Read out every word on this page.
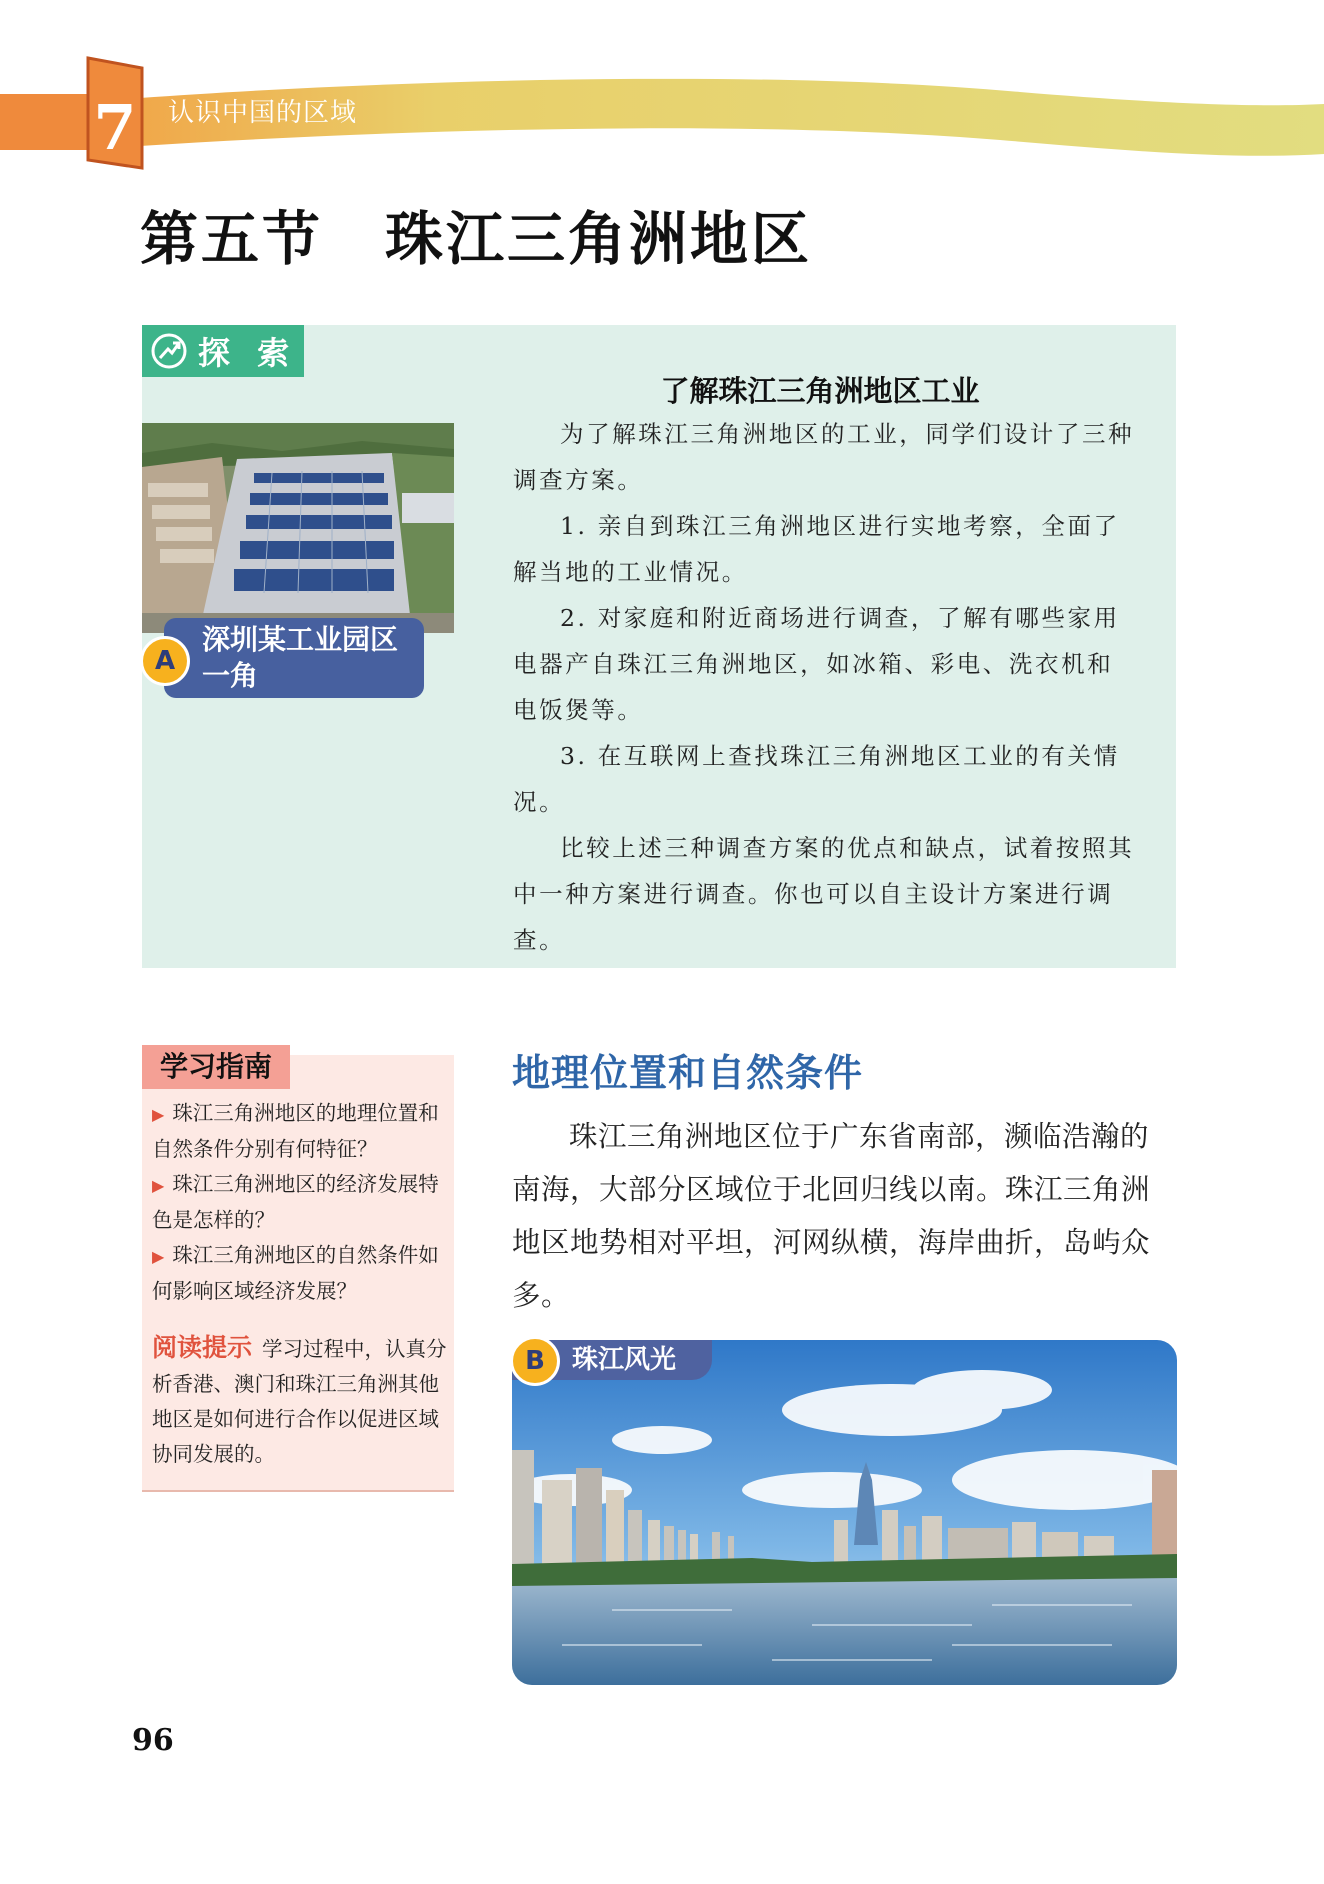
7 认识中国的区域
第五节 珠江三角洲地区
探 索
深圳某工业园区
一角
A
了解珠江三角洲地区工业

为了解珠江三角洲地区的工业，同学们设计了三种调查方案。

1. 亲自到珠江三角洲地区进行实地考察，全面了解当地的工业情况。

2. 对家庭和附近商场进行调查，了解有哪些家用电器产自珠江三角洲地区，如冰箱、彩电、洗衣机和电饭煲等。

3. 在互联网上查找珠江三角洲地区工业的有关情况。

比较上述三种调查方案的优点和缺点，试着按照其中一种方案进行调查。你也可以自主设计方案进行调查。

学习指南
▶ 珠江三角洲地区的地理位置和自然条件分别有何特征？
▶ 珠江三角洲地区的经济发展特色是怎样的？
▶ 珠江三角洲地区的自然条件如何影响区域经济发展？
阅读提示 学习过程中，认真分析香港、澳门和珠江三角洲其他地区是如何进行合作以促进区域协同发展的。
地理位置和自然条件

珠江三角洲地区位于广东省南部，濒临浩瀚的南海，大部分区域位于北回归线以南。珠江三角洲地区地势相对平坦，河网纵横，海岸曲折，岛屿众多。

珠江风光
B
96
